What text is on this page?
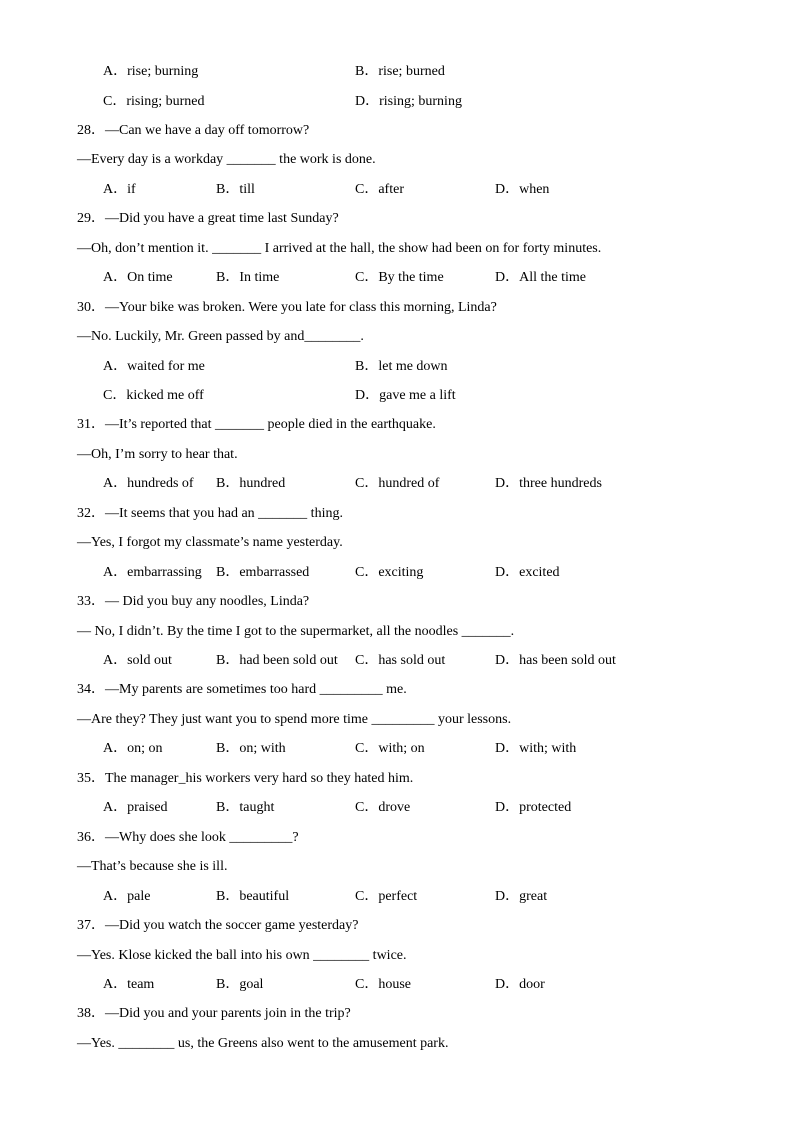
A．rise; burning	B．rise; burned
C．rising; burned	D．rising; burning
28．—Can we have a day off tomorrow?
—Every day is a workday _______ the work is done.
A．if	B．till	C．after	D．when
29．—Did you have a great time last Sunday?
—Oh, don’t mention it. _______ I arrived at the hall, the show had been on for forty minutes.
A．On time	B．In time	C．By the time	D．All the time
30．—Your bike was broken. Were you late for class this morning, Linda?
—No. Luckily, Mr. Green passed by and________.
A．waited for me	B．let me down
C．kicked me off	D．gave me a lift
31．—It’s reported that _______ people died in the earthquake.
—Oh, I’m sorry to hear that.
A．hundreds of B．hundred	C．hundred of	D．three hundreds
32．—It seems that you had an _______ thing.
—Yes, I forgot my classmate’s name yesterday.
A．embarrassing B．embarrassed	C．exciting	D．excited
33．— Did you buy any noodles, Linda?
— No, I didn’t. By the time I got to the supermarket, all the noodles _______.
A．sold out	B．had been sold out C．has sold out	D．has been sold out
34．—My parents are sometimes too hard _________ me.
—Are they? They just want you to spend more time _________ your lessons.
A．on; on	B．on; with	C．with; on	D．with; with
35．The manager_his workers very hard so they hated him.
A．praised	B．taught	C．drove	D．protected
36．—Why does she look _________?
—That’s because she is ill.
A．pale	B．beautiful	C．perfect	D．great
37．—Did you watch the soccer game yesterday?
—Yes. Klose kicked the ball into his own ________ twice.
A．team	B．goal	C．house	D．door
38．—Did you and your parents join in the trip?
—Yes. ________ us, the Greens also went to the amusement park.
